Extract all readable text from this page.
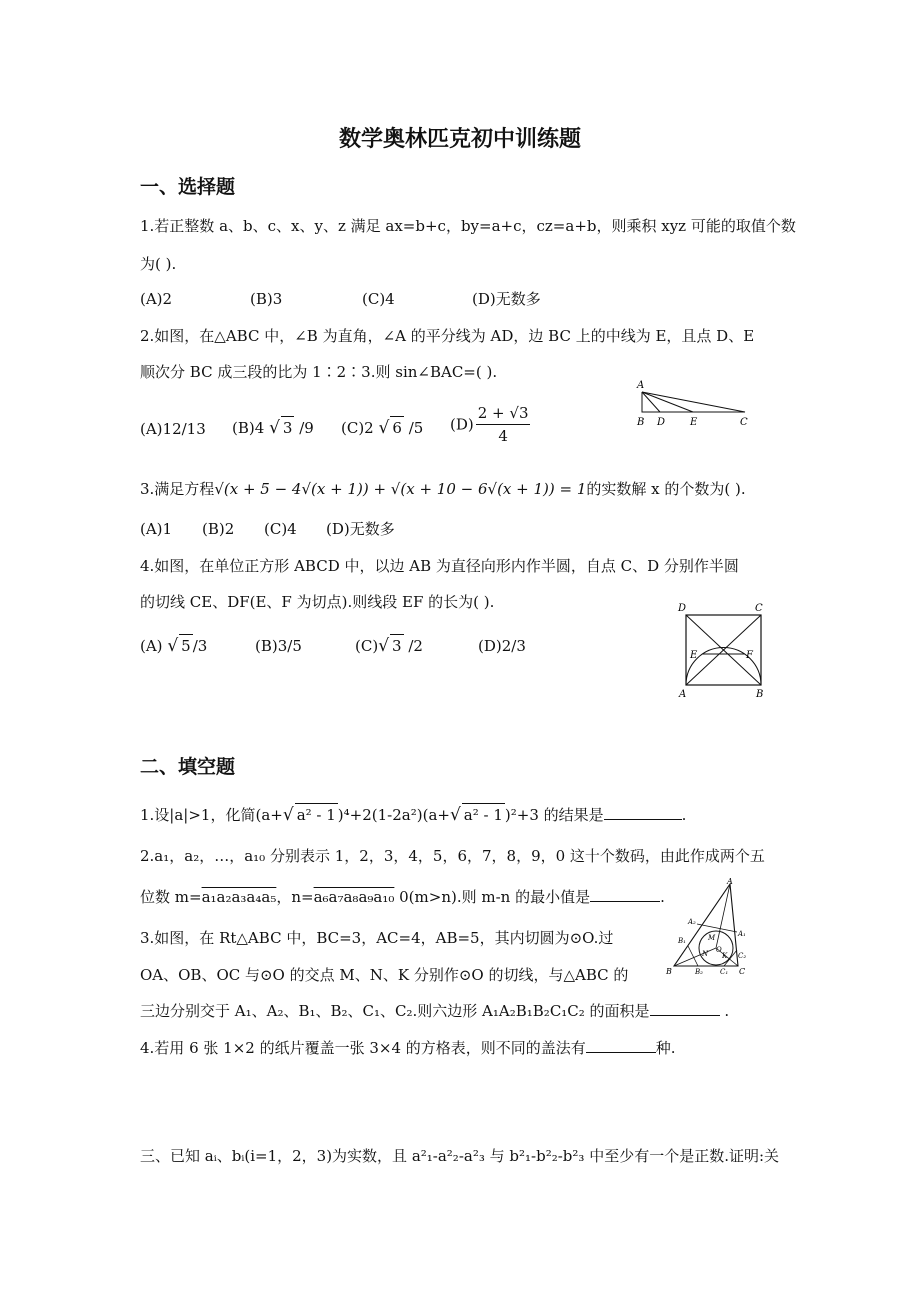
数学奥林匹克初中训练题
一、选择题
1.若正整数 a、b、c、x、y、z 满足 ax=b+c，by=a+c，cz=a+b，则乘积 xyz 可能的取值个数
为( ).
(A)2	(B)3	(C)4	(D)无数多
2.如图，在△ABC 中，∠B 为直角，∠A 的平分线为 AD，边 BC 上的中线为 E，且点 D、E
顺次分 BC 成三段的比为 1∶2∶3.则 sin∠BAC=( ).
(A)12/13 (B)4 √ 3 /9 (C)2 √ 6 /5 $(D) \frac{2 + √3}{4}$
A
B D E	C
3.满足方程√(x + 5 − 4√(x + 1)) + √(x + 10 − 6√(x + 1)) = 1的实数解 x 的个数为( ).
(A)1 (B)2 (C)4 (D)无数多
4.如图，在单位正方形 ABCD 中，以边 AB 为直径向形内作半圆，自点 C、D 分别作半圆
的切线 CE、DF(E、F 为切点).则线段 EF 的长为( ).
(A) √ 5 /3	(B)3/5	(C)√ 3 /2	(D)2/3
D	C
E	F
A	B
二、填空题
1.设|a|>1，化简(a+√ a² - 1 )⁴+2(1-2a²)(a+√ a² - 1 )²+3 的结果是	.
2.a₁，a₂，…，a₁₀ 分别表示 1，2，3，4，5，6，7，8，9，0 这十个数码，由此作成两个五
位数 m=a₁a₂a₃a₄a₅，n=a₆a₇a₈a₉a₁₀ 0(m>n).则 m-n 的最小值是	.
3.如图，在 Rt△ABC 中，BC=3，AC=4，AB=5，其内切圆为⊙O.过
OA、OB、OC 与⊙O 的交点 M、N、K 分别作⊙O 的切线，与△ABC 的
三边分别交于 A₁、A₂、B₁、B₂、C₁、C₂.则六边形 A₁A₂B₁B₂C₁C₂ 的面积是	.
A
A₂
A₁
B₁	M
O
N K
B	B₂ C₁
C₂
C
4.若用 6 张 1×2 的纸片覆盖一张 3×4 的方格表，则不同的盖法有	种.
三、已知 aᵢ、bᵢ(i=1，2，3)为实数，且 a²₁-a²₂-a²₃ 与 b²₁-b²₂-b²₃ 中至少有一个是正数.证明:关
